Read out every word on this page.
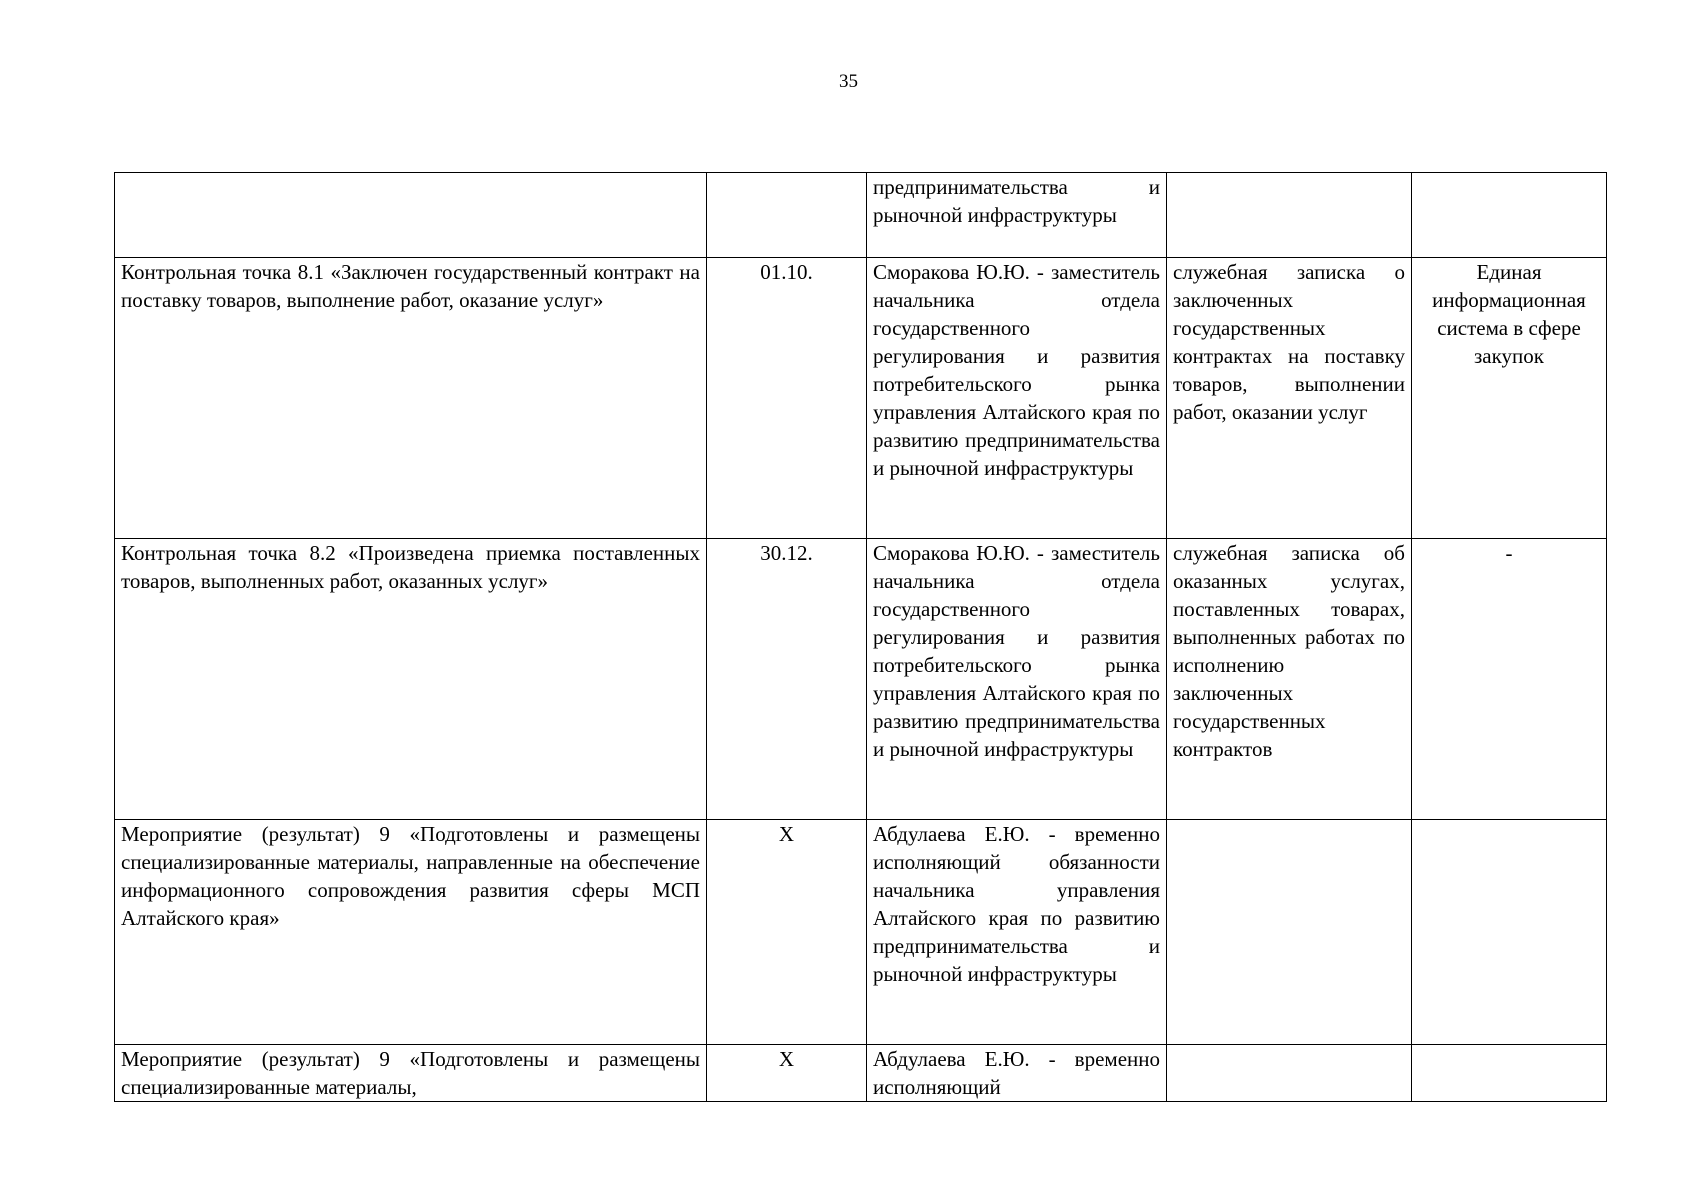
35
		предпринимательства и рыночной инфраструктуры		
Контрольная точка 8.1 «Заключен государственный контракт на поставку товаров, выполнение работ, оказание услуг»	01.10.	Сморакова Ю.Ю. - заместитель начальника отдела государственного регулирования и развития потребительского рынка управления Алтайского края по развитию предпринимательства и рыночной инфраструктуры	служебная записка о заключенных государственных контрактах на поставку товаров, выполнении работ, оказании услуг	Единая информационная система в сфере закупок
Контрольная точка 8.2 «Произведена приемка поставленных товаров, выполненных работ, оказанных услуг»	30.12.	Сморакова Ю.Ю. - заместитель начальника отдела государственного регулирования и развития потребительского рынка управления Алтайского края по развитию предпринимательства и рыночной инфраструктуры	служебная записка об оказанных услугах, поставленных товарах, выполненных работах по исполнению заключенных государственных контрактов	-
Мероприятие (результат) 9 «Подготовлены и размещены специализированные материалы, направленные на обеспечение информационного сопровождения развития сферы МСП Алтайского края»	X	Абдулаева Е.Ю. - временно исполняющий обязанности начальника управления Алтайского края по развитию предпринимательства и рыночной инфраструктуры		
Мероприятие (результат) 9 «Подготовлены и размещены специализированные материалы,	X	Абдулаева Е.Ю. - временно исполняющий		
